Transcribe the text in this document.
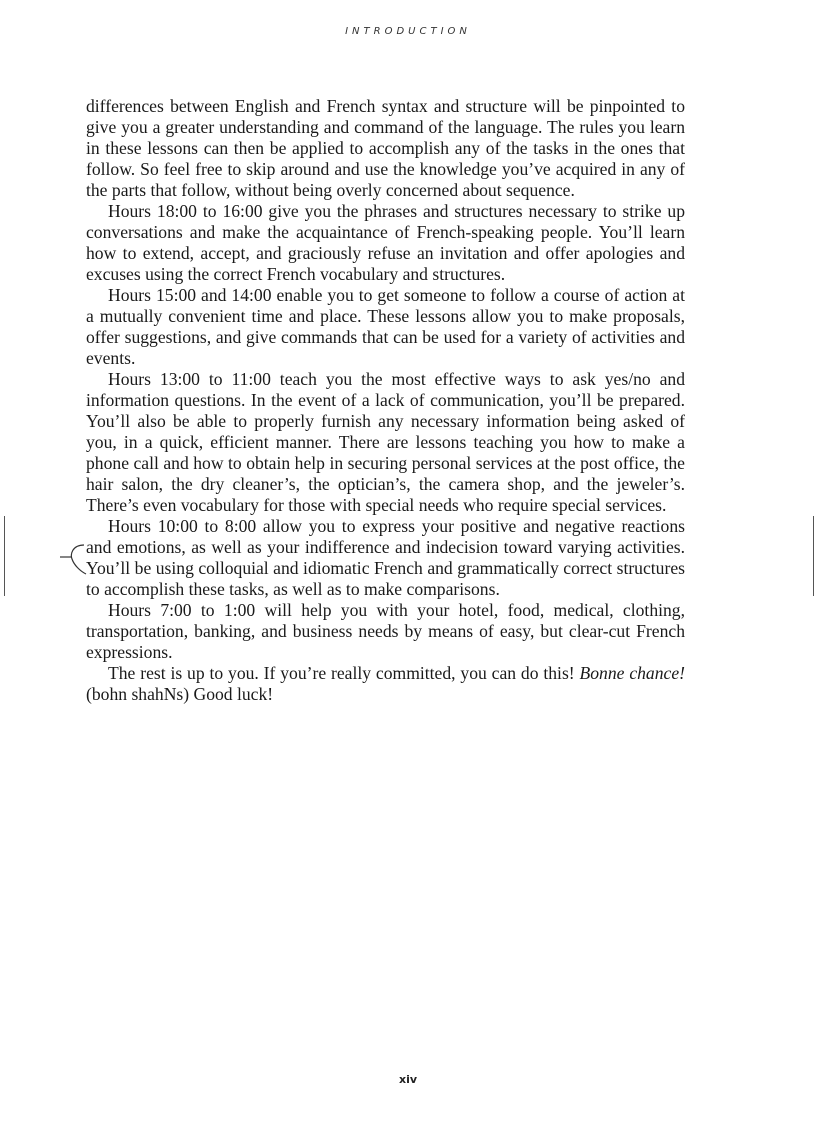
INTRODUCTION

differences between English and French syntax and structure will be pinpointed to give you a greater understanding and command of the language. The rules you learn in these lessons can then be applied to accomplish any of the tasks in the ones that follow. So feel free to skip around and use the knowledge you’ve acquired in any of the parts that follow, without being overly concerned about sequence.

Hours 18:00 to 16:00 give you the phrases and structures necessary to strike up conversations and make the acquaintance of French-speaking people. You’ll learn how to extend, accept, and graciously refuse an invitation and offer apologies and excuses using the correct French vocabulary and structures.

Hours 15:00 and 14:00 enable you to get someone to follow a course of action at a mutually convenient time and place. These lessons allow you to make proposals, offer suggestions, and give commands that can be used for a variety of activities and events.

Hours 13:00 to 11:00 teach you the most effective ways to ask yes/no and information questions. In the event of a lack of communication, you’ll be prepared. You’ll also be able to properly furnish any necessary information being asked of you, in a quick, efficient manner. There are lessons teaching you how to make a phone call and how to obtain help in securing personal services at the post office, the hair salon, the dry cleaner’s, the optician’s, the camera shop, and the jeweler’s. There’s even vocabulary for those with special needs who require special services.

Hours 10:00 to 8:00 allow you to express your positive and negative reactions and emotions, as well as your indifference and indecision toward varying activities. You’ll be using colloquial and idiomatic French and grammatically correct structures to accomplish these tasks, as well as to make comparisons.

Hours 7:00 to 1:00 will help you with your hotel, food, medical, clothing, transportation, banking, and business needs by means of easy, but clear-cut French expressions.

The rest is up to you. If you’re really committed, you can do this! Bonne chance! (bohn shahNs) Good luck!

xiv
